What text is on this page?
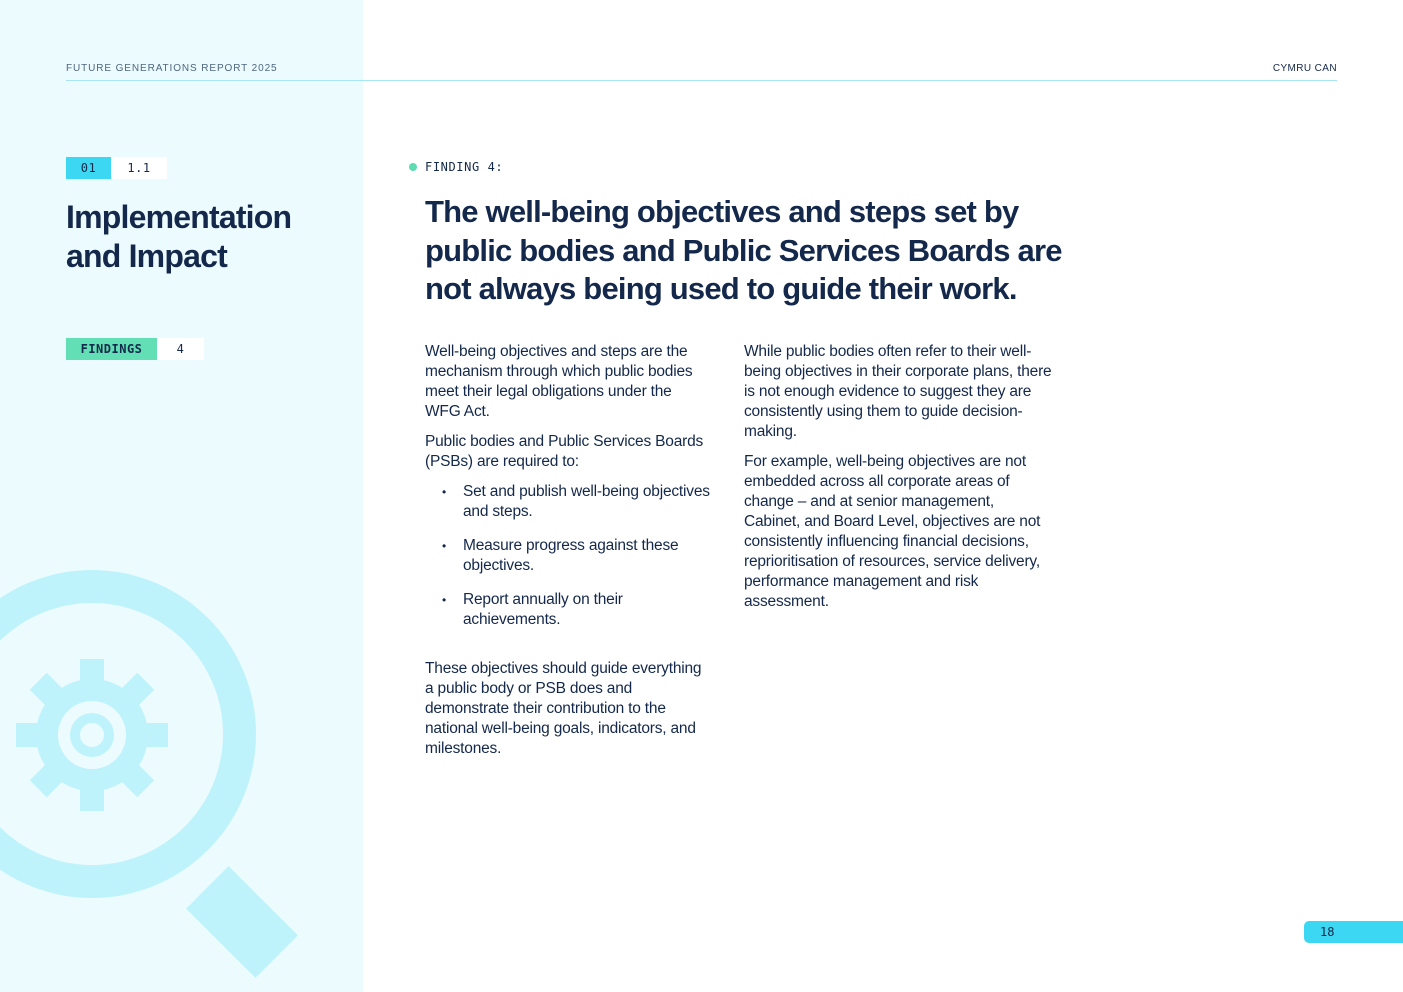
FUTURE GENERATIONS REPORT 2025	CYMRU CAN
01	1.1
Implementation
and Impact
FINDINGS	4
FINDING 4:
The well-being objectives and steps set by
public bodies and Public Services Boards are
not always being used to guide their work.

Well-being objectives and steps are the mechanism through which public bodies meet their legal obligations under the WFG Act.

Public bodies and Public Services Boards (PSBs) are required to:

• Set and publish well-being objectives and steps.
• Measure progress against these objectives.
• Report annually on their achievements.

These objectives should guide everything a public body or PSB does and demonstrate their contribution to the national well-being goals, indicators, and milestones.

While public bodies often refer to their well-being objectives in their corporate plans, there is not enough evidence to suggest they are consistently using them to guide decision-making.

For example, well-being objectives are not embedded across all corporate areas of change – and at senior management, Cabinet, and Board Level, objectives are not consistently influencing financial decisions, reprioritisation of resources, service delivery, performance management and risk assessment.

18
